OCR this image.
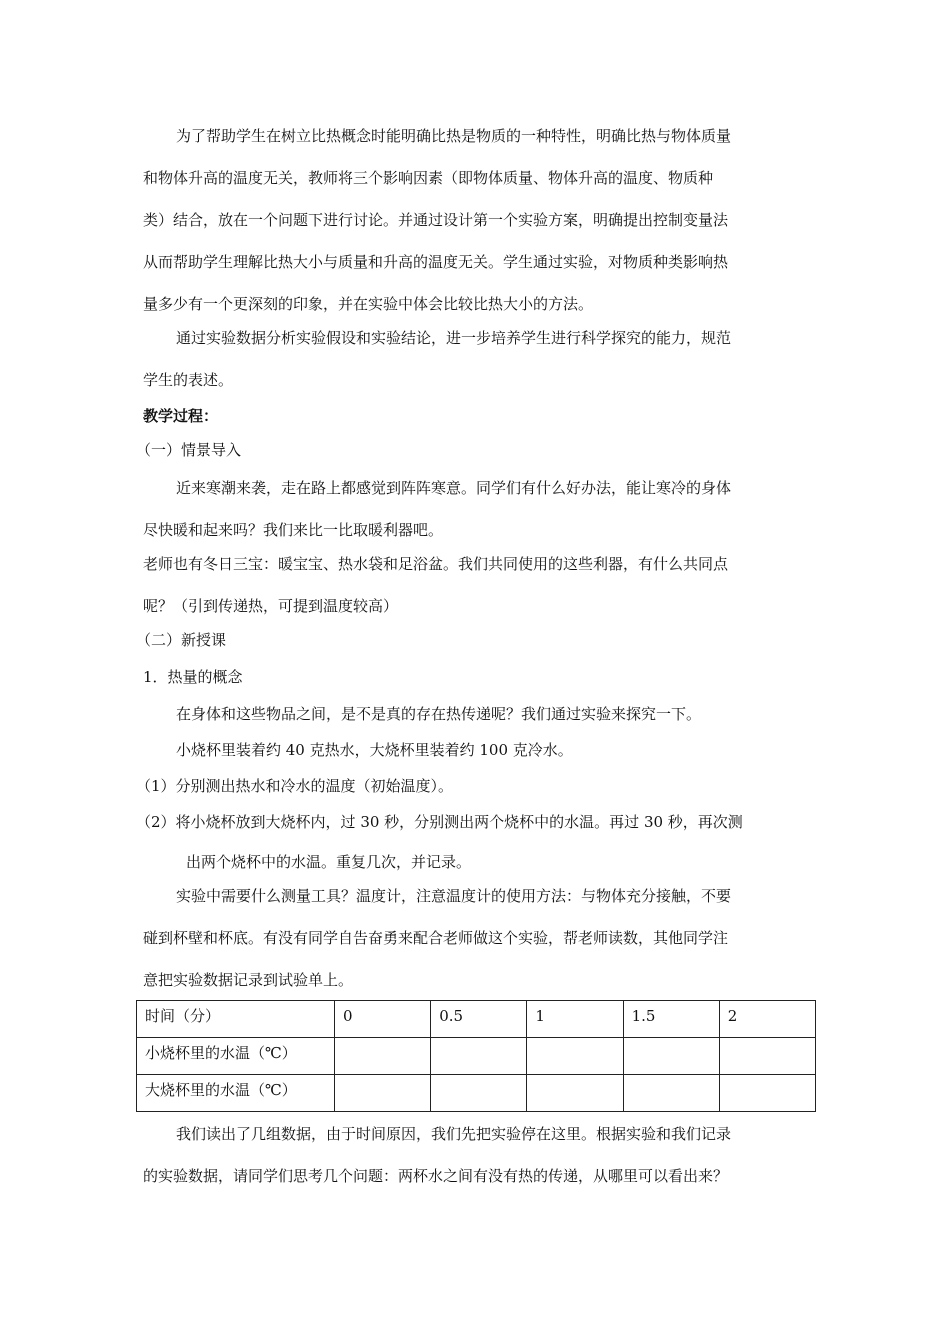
为了帮助学生在树立比热概念时能明确比热是物质的一种特性，明确比热与物体质量
和物体升高的温度无关，教师将三个影响因素（即物体质量、物体升高的温度、物质种
类）结合，放在一个问题下进行讨论。并通过设计第一个实验方案，明确提出控制变量法
从而帮助学生理解比热大小与质量和升高的温度无关。学生通过实验，对物质种类影响热
量多少有一个更深刻的印象，并在实验中体会比较比热大小的方法。
通过实验数据分析实验假设和实验结论，进一步培养学生进行科学探究的能力，规范
学生的表述。
教学过程：
（一）情景导入
近来寒潮来袭，走在路上都感觉到阵阵寒意。同学们有什么好办法，能让寒冷的身体
尽快暖和起来吗？我们来比一比取暖利器吧。
老师也有冬日三宝：暖宝宝、热水袋和足浴盆。我们共同使用的这些利器，有什么共同点
呢？（引到传递热，可提到温度较高）
（二）新授课
1．热量的概念
在身体和这些物品之间，是不是真的存在热传递呢？我们通过实验来探究一下。
小烧杯里装着约 40 克热水，大烧杯里装着约 100 克冷水。
（1）分别测出热水和冷水的温度（初始温度）。
（2）将小烧杯放到大烧杯内，过 30 秒，分别测出两个烧杯中的水温。再过 30 秒，再次测
出两个烧杯中的水温。重复几次，并记录。
实验中需要什么测量工具？温度计，注意温度计的使用方法：与物体充分接触，不要
碰到杯壁和杯底。有没有同学自告奋勇来配合老师做这个实验，帮老师读数，其他同学注
意把实验数据记录到试验单上。
时间（分）	0	0.5	1	1.5	2
小烧杯里的水温（℃）					
大烧杯里的水温（℃）					
我们读出了几组数据，由于时间原因，我们先把实验停在这里。根据实验和我们记录
的实验数据，请同学们思考几个问题：两杯水之间有没有热的传递，从哪里可以看出来？
